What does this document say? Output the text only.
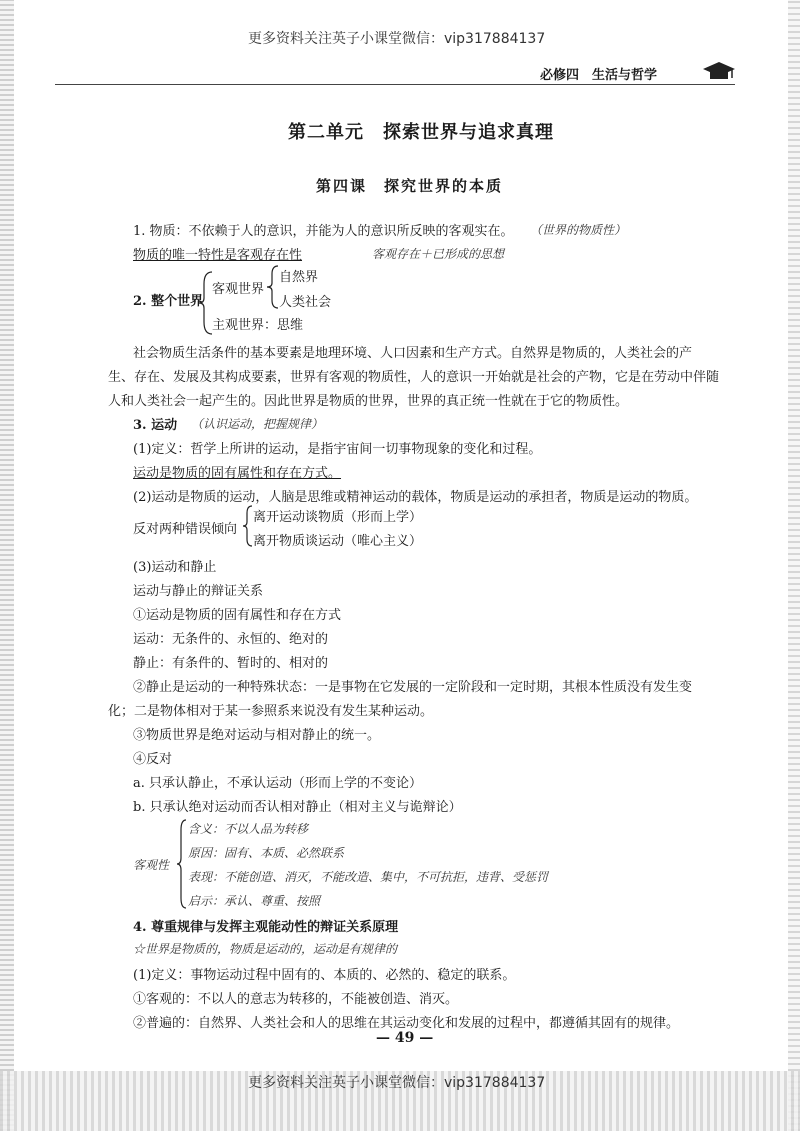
更多资料关注英子小课堂微信：vip317884137
必修四　生活与哲学
第二单元　探索世界与追求真理
第四课　探究世界的本质
1. 物质：不依赖于人的意识，并能为人的意识所反映的客观实在。 （世界的物质性）
物质的唯一特性是客观存在性	客观存在＋已形成的思想
2. 整个世界
客观世界
自然界
人类社会
主观世界：思维
社会物质生活条件的基本要素是地理环境、人口因素和生产方式。自然界是物质的，人类社会的产
生、存在、发展及其构成要素，世界有客观的物质性，人的意识一开始就是社会的产物，它是在劳动中伴随
人和人类社会一起产生的。因此世界是物质的世界，世界的真正统一性就在于它的物质性。
3. 运动 （认识运动，把握规律）
(1)定义：哲学上所讲的运动，是指宇宙间一切事物现象的变化和过程。
运动是物质的固有属性和存在方式。
(2)运动是物质的运动，人脑是思维或精神运动的载体，物质是运动的承担者，物质是运动的物质。
反对两种错误倾向
离开运动谈物质（形而上学）
离开物质谈运动（唯心主义）
(3)运动和静止
运动与静止的辩证关系
①运动是物质的固有属性和存在方式
运动：无条件的、永恒的、绝对的
静止：有条件的、暂时的、相对的
②静止是运动的一种特殊状态：一是事物在它发展的一定阶段和一定时期，其根本性质没有发生变
化；二是物体相对于某一参照系来说没有发生某种运动。
③物质世界是绝对运动与相对静止的统一。
④反对
a. 只承认静止，不承认运动（形而上学的不变论）
b. 只承认绝对运动而否认相对静止（相对主义与诡辩论）
客观性
含义：不以人品为转移
原因：固有、本质、必然联系
表现：不能创造、消灭，不能改造、集中，不可抗拒，违背、受惩罚
启示：承认、尊重、按照
4. 尊重规律与发挥主观能动性的辩证关系原理
☆世界是物质的，物质是运动的，运动是有规律的
(1)定义：事物运动过程中固有的、本质的、必然的、稳定的联系。
①客观的：不以人的意志为转移的，不能被创造、消灭。
②普遍的：自然界、人类社会和人的思维在其运动变化和发展的过程中，都遵循其固有的规律。
— 49 —
更多资料关注英子小课堂微信：vip317884137
